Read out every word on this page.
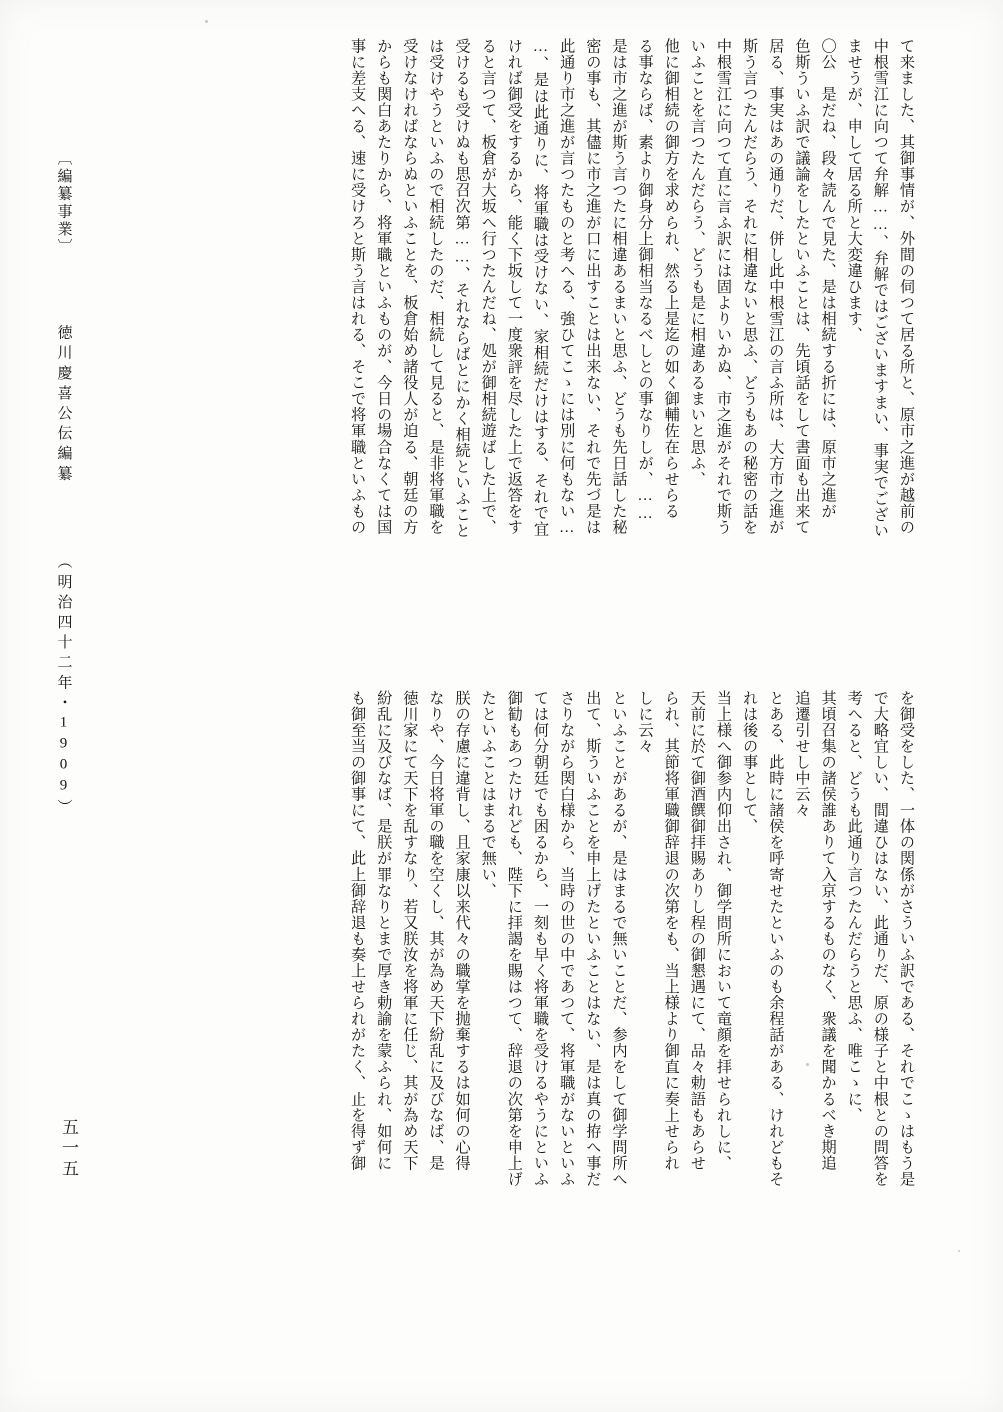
て来ました、其御事情が、外間の伺つて居る所と、原市之進が越前の
中根雪江に向つて弁解……、弁解ではございますまい、事実でござい
ませうが、申して居る所と大変違ひます、
〇公　是だね、段々読んで見た、是は相続する折には、原市之進が
色斯ういふ訳で議論をしたといふことは、先頃話をして書面も出来て
居る、事実はあの通りだ、併し此中根雪江の言ふ所は、大方市之進が
斯う言つたんだらう、それに相違ないと思ふ、どうもあの秘密の話を
中根雪江に向つて直に言ふ訳には固よりいかぬ、市之進がそれで斯う
いふことを言つたんだらう、どうも是に相違あるまいと思ふ、
他に御相続の御方を求められ、然る上是迄の如く御輔佐在らせらる
る事ならば、素より御身分上御相当なるべしとの事なりしが、……
是は市之進が斯う言つたに相違あるまいと思ふ、どうも先日話した秘
密の事も、其儘に市之進が口に出すことは出来ない、それで先づ是は
此通り市之進が言つたものと考へる、強ひてこゝには別に何もない…
…、是は此通りに、将軍職は受けない、家相続だけはする、それで宜
ければ御受をするから、能く下坂して一度衆評を尽した上で返答をす
ると言つて、板倉が大坂へ行つたんだね、処が御相続遊ばした上で、
受けるも受けぬも思召次第……、それならばとにかく相続といふこと
は受けやうといふので相続したのだ、相続して見ると、是非将軍職を
受けなければならぬといふことを、板倉始め諸役人が迫る、朝廷の方
からも関白あたりから、将軍職といふものが、今日の場合なくては国
事に差支へる、速に受けろと斯う言はれる、そこで将軍職といふもの
を御受をした、一体の関係がさういふ訳である、それでこゝはもう是
で大略宜しい、間違ひはない、此通りだ、原の様子と中根との問答を
考へると、どうも此通り言つたんだらうと思ふ、唯こゝに、
其頃召集の諸侯誰ありて入京するものなく、衆議を聞かるべき期追
追遷引せし中云々
とある、此時に諸侯を呼寄せたといふのも余程話がある、けれどもそ
れは後の事として、
当上様へ御参内仰出され、御学問所において竜顔を拝せられしに、
天前に於て御酒饌御拝賜ありし程の御懇遇にて、品々勅語もあらせ
られ、其節将軍職御辞退の次第をも、当上様より御直に奏上せられ
しに云々
といふことがあるが、是はまるで無いことだ、参内をして御学問所へ
出て、斯ういふことを申上げたといふことはない、是は真の拵へ事だ
さりながら関白様から、当時の世の中であつて、将軍職がないといふ
ては何分朝廷でも困るから、一刻も早く将軍職を受けるやうにといふ
御勧もあつたけれども、陛下に拝謁を賜はつて、辞退の次第を申上げ
たといふことはまるで無い、
朕の存慮に違背し、且家康以来代々の職掌を抛棄するは如何の心得
なりや、今日将軍の職を空くし、其が為め天下紛乱に及びなば、是
徳川家にて天下を乱すなり、若又朕汝を将軍に任じ、其が為め天下
紛乱に及びなば、是朕が罪なりとまで厚き勅諭を蒙ふられ、如何に
も御至当の御事にて、此上御辞退も奏上せられがたく、止を得ず御
〔編纂事業〕  徳川慶喜公伝編纂  （明治四十二年・1909）
五一五
